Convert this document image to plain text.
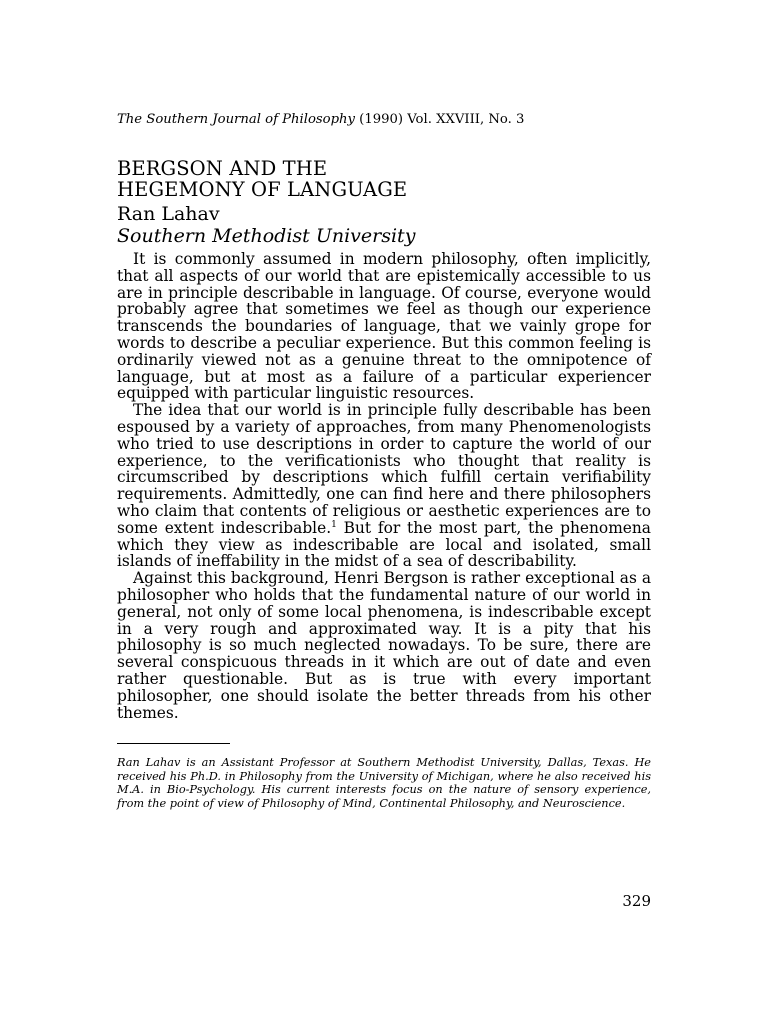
The Southern Journal of Philosophy (1990) Vol. XXVIII, No. 3
BERGSON AND THE
HEGEMONY OF LANGUAGE
Ran Lahav
Southern Methodist University

It is commonly assumed in modern philosophy, often implicitly, that all aspects of our world that are epistemically accessible to us are in principle describable in language. Of course, everyone would probably agree that sometimes we feel as though our experience transcends the boundaries of language, that we vainly grope for words to describe a peculiar experience. But this common feeling is ordinarily viewed not as a genuine threat to the omnipotence of language, but at most as a failure of a particular experiencer equipped with particular linguistic resources.

The idea that our world is in principle fully describable has been espoused by a variety of approaches, from many Phenomenologists who tried to use descriptions in order to capture the world of our experience, to the verificationists who thought that reality is circumscribed by descriptions which fulfill certain verifiability requirements. Admittedly, one can find here and there philosophers who claim that contents of religious or aesthetic experiences are to some extent indescribable.$^1$ But for the most part, the phenomena which they view as indescribable are local and isolated, small islands of ineffability in the midst of a sea of describability.

Against this background, Henri Bergson is rather exceptional as a philosopher who holds that the fundamental nature of our world in general, not only of some local phenomena, is indescribable except in a very rough and approximated way. It is a pity that his philosophy is so much neglected nowadays. To be sure, there are several conspicuous threads in it which are out of date and even rather questionable. But as is true with every important philosopher, one should isolate the better threads from his other themes.

Ran Lahav is an Assistant Professor at Southern Methodist University, Dallas, Texas. He received his Ph.D. in Philosophy from the University of Michigan, where he also received his M.A. in Bio-Psychology. His current interests focus on the nature of sensory experience, from the point of view of Philosophy of Mind, Continental Philosophy, and Neuroscience.

329
